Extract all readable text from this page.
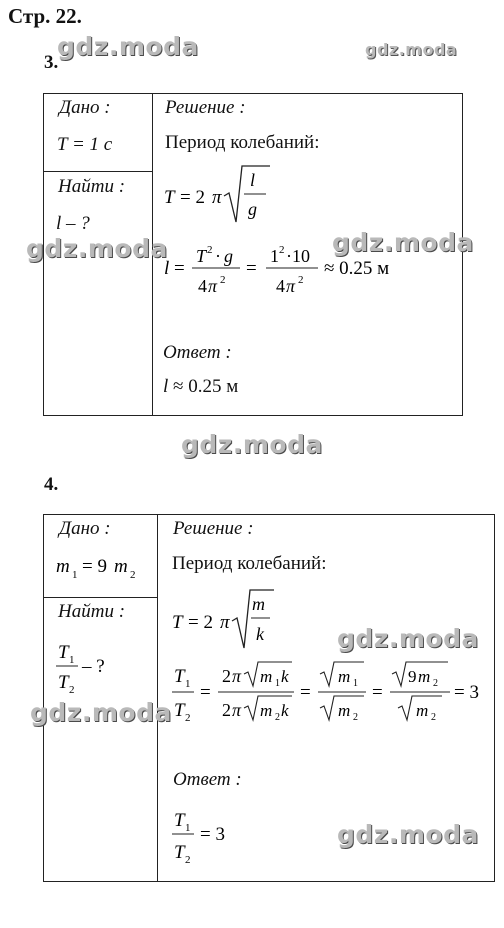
Стр. 22.
3.
Дано :
T = 1 с
Найти :
l – ?
Решение :
Период колебаний:
T = 2 π
l
g
l =
T 2 · g
4 π 2
=
1 2 ·10
4 π 2
≈ 0.25 м
Ответ :
l ≈ 0.25 м
4.
Дано :
m 1 = 9 m 2
Найти :
T 1
T 2
– ?
Решение :
Период колебаний:
T = 2 π
m
k
T 1
T 2
=
2 π m 1 k
2 π m 2 k
=
m 1
m 2
=
9 m 2
m 2
= 3
Ответ :
T 1
T 2
= 3
gdz.moda	gdz.moda
gdz.moda	gdz.moda
gdz.moda
gdz.moda
gdz.moda
gdz.moda
